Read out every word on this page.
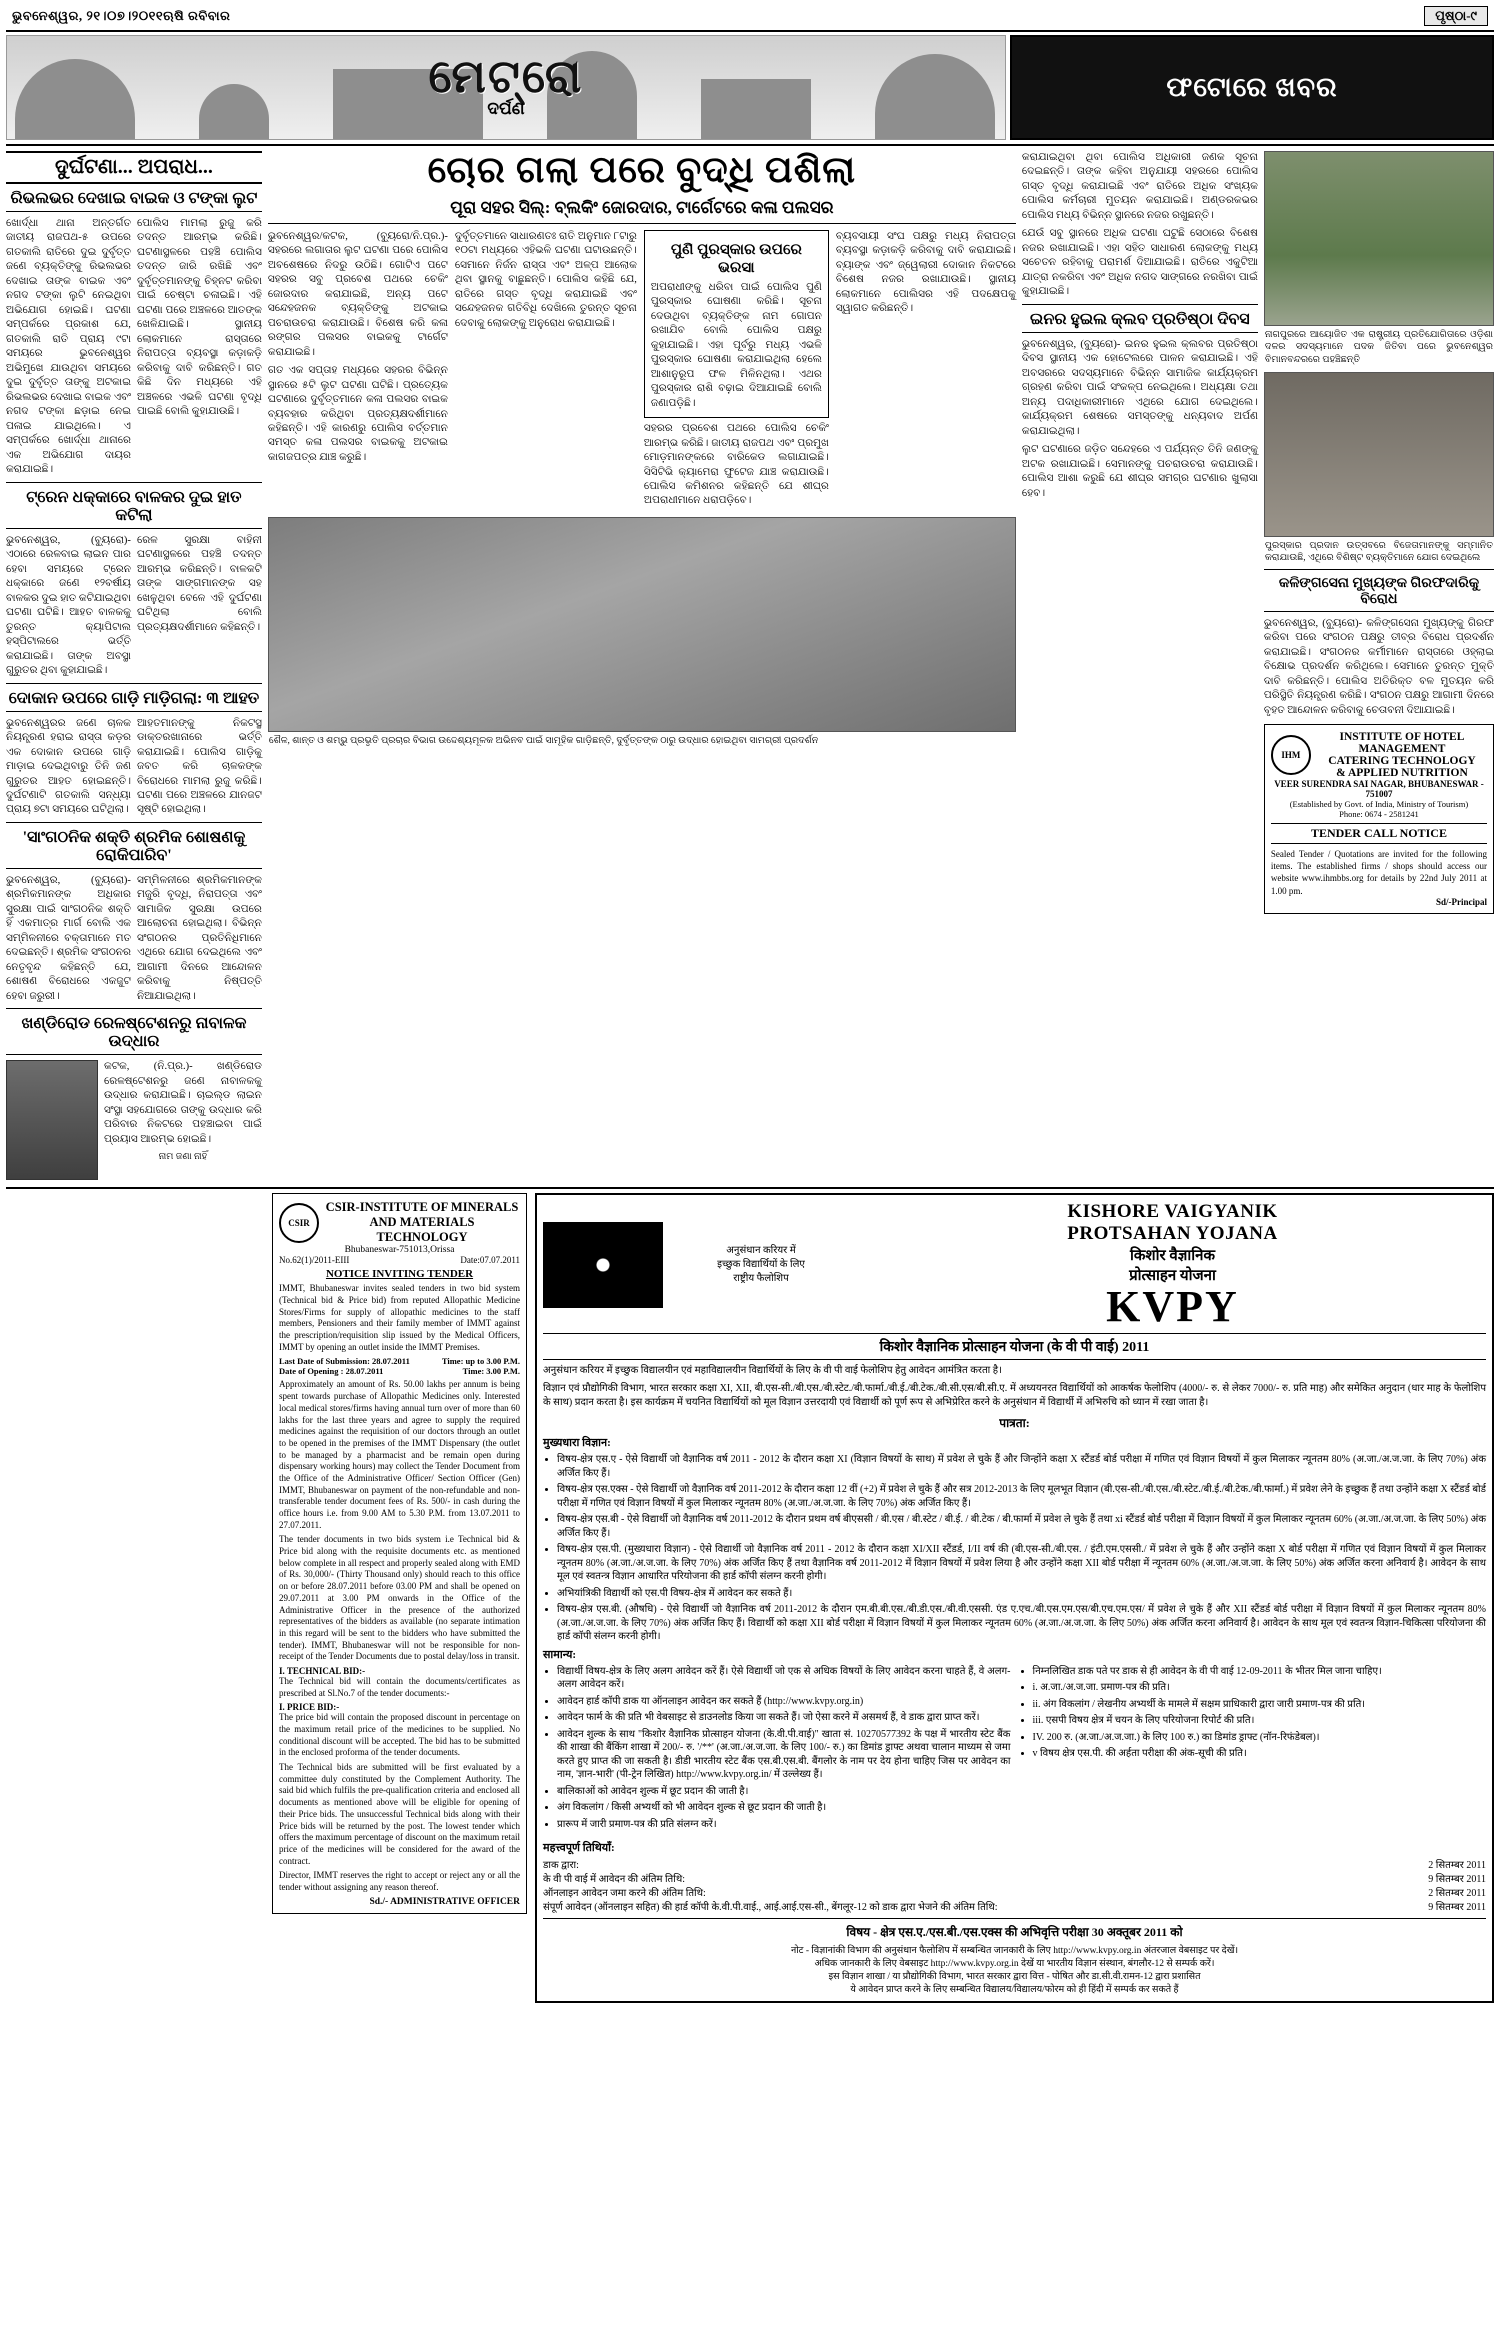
ଭୁବନେଶ୍ୱର, ୨୧।୦୭।୨୦୧୧ଋଷି ରବିବାର	ପୃଷ୍ଠା-୯
ମେଟ୍ରୋ
ଦର୍ପଣ
ଫଟୋରେ ଖବର
ଦୁର୍ଘଟଣା... ଅପରାଧ...
ରିଭଲଭର ଦେଖାଇ ବାଇକ ଓ ଟଙ୍କା ଲୁଟ
ଖୋର୍ଦ୍ଧା ଥାନା ଅନ୍ତର୍ଗତ ଜାତୀୟ ରାଜପଥ-୫ ଉପରେ ଗତକାଲି ରାତିରେ ଦୁଇ ଦୁର୍ବୃତ୍ତ ଜଣେ ବ୍ୟକ୍ତିଙ୍କୁ ରିଭଲଭର ଦେଖାଇ ତାଙ୍କ ବାଇକ ଏବଂ ନଗଦ ଟଙ୍କା ଲୁଟି ନେଇଥିବା ଅଭିଯୋଗ ହୋଇଛି। ଘଟଣା ସମ୍ପର୍କରେ ପ୍ରକାଶ ଯେ, ଗତକାଲି ରାତି ପ୍ରାୟ ୯ଟା ସମୟରେ ଭୁବନେଶ୍ୱର ଅଭିମୁଖେ ଯାଉଥିବା ସମୟରେ ଦୁଇ ଦୁର୍ବୃତ୍ତ ତାଙ୍କୁ ଅଟକାଇ ରିଭଲଭର ଦେଖାଇ ବାଇକ ଏବଂ ନଗଦ ଟଙ୍କା ଛଡ଼ାଇ ନେଇ ପଳାଇ ଯାଇଥିଲେ। ଏ ସମ୍ପର୍କରେ ଖୋର୍ଦ୍ଧା ଥାନାରେ ଏକ ଅଭିଯୋଗ ଦାୟର କରାଯାଇଛି।
ପୋଲିସ ମାମଲା ରୁଜୁ କରି ତଦନ୍ତ ଆରମ୍ଭ କରିଛି। ଘଟଣାସ୍ଥଳରେ ପହଞ୍ଚି ପୋଲିସ ତଦନ୍ତ ଜାରି ରଖିଛି ଏବଂ ଦୁର୍ବୃତ୍ତମାନଙ୍କୁ ଚିହ୍ନଟ କରିବା ପାଇଁ ଚେଷ୍ଟା ଚଳାଇଛି। ଏହି ଘଟଣା ପରେ ଅଞ୍ଚଳରେ ଆତଙ୍କ ଖେଳିଯାଇଛି। ସ୍ଥାନୀୟ ଲୋକମାନେ ରାସ୍ତାରେ ନିରାପତ୍ତା ବ୍ୟବସ୍ଥା କଡ଼ାକଡ଼ି କରିବାକୁ ଦାବି କରିଛନ୍ତି। ଗତ କିଛି ଦିନ ମଧ୍ୟରେ ଏହି ଅଞ୍ଚଳରେ ଏଭଳି ଘଟଣା ବୃଦ୍ଧି ପାଇଛି ବୋଲି କୁହାଯାଉଛି।
ଟ୍ରେନ ଧକ୍କାରେ ବାଳକର ଦୁଇ ହାତ କଟିଲା
ଭୁବନେଶ୍ୱର, (ବ୍ୟୁରୋ)- ଏଠାରେ ରେଳବାଇ ଲାଇନ ପାର ହେବା ସମୟରେ ଟ୍ରେନ ଧକ୍କାରେ ଜଣେ ୧୨ବର୍ଷୀୟ ବାଳକର ଦୁଇ ହାତ କଟିଯାଇଥିବା ଘଟଣା ଘଟିଛି। ଆହତ ବାଳକକୁ ତୁରନ୍ତ କ୍ୟାପିଟାଲ ହସ୍ପିଟାଲରେ ଭର୍ତ୍ତି କରାଯାଇଛି। ତାଙ୍କ ଅବସ୍ଥା ଗୁରୁତର ଥିବା କୁହାଯାଇଛି।
ରେଳ ସୁରକ୍ଷା ବାହିନୀ ଘଟଣାସ୍ଥଳରେ ପହଞ୍ଚି ତଦନ୍ତ ଆରମ୍ଭ କରିଛନ୍ତି। ବାଳକଟି ତାଙ୍କ ସାଙ୍ଗମାନଙ୍କ ସହ ଖେଳୁଥିବା ବେଳେ ଏହି ଦୁର୍ଘଟଣା ଘଟିଥିଲା ବୋଲି ପ୍ରତ୍ୟକ୍ଷଦର୍ଶୀମାନେ କହିଛନ୍ତି।
ଦୋକାନ ଉପରେ ଗାଡ଼ି ମାଡ଼ିଗଲା: ୩ ଆହତ
ଭୁବନେଶ୍ୱରର ଜଣେ ଚାଳକ ନିୟନ୍ତ୍ରଣ ହରାଇ ରାସ୍ତା କଡ଼ର ଏକ ଦୋକାନ ଉପରେ ଗାଡ଼ି ମାଡ଼ାଇ ଦେଇଥିବାରୁ ତିନି ଜଣ ଗୁରୁତର ଆହତ ହୋଇଛନ୍ତି। ଦୁର୍ଘଟଣାଟି ଗତକାଲି ସନ୍ଧ୍ୟା ପ୍ରାୟ ୭ଟା ସମୟରେ ଘଟିଥିଲା।
ଆହତମାନଙ୍କୁ ନିକଟସ୍ଥ ଡାକ୍ତରଖାନାରେ ଭର୍ତ୍ତି କରାଯାଇଛି। ପୋଲିସ ଗାଡ଼ିକୁ ଜବତ କରି ଚାଳକଙ୍କ ବିରୋଧରେ ମାମଲା ରୁଜୁ କରିଛି। ଘଟଣା ପରେ ଅଞ୍ଚଳରେ ଯାନଜଟ ସୃଷ୍ଟି ହୋଇଥିଲା।
'ସାଂଗଠନିକ ଶକ୍ତି ଶ୍ରମିକ ଶୋଷଣକୁ ରୋକିପାରିବ'
ଭୁବନେଶ୍ୱର, (ବ୍ୟୁରୋ)- ଶ୍ରମିକମାନଙ୍କ ଅଧିକାର ସୁରକ୍ଷା ପାଇଁ ସାଂଗଠନିକ ଶକ୍ତି ହିଁ ଏକମାତ୍ର ମାର୍ଗ ବୋଲି ଏକ ସମ୍ମିଳନୀରେ ବକ୍ତାମାନେ ମତ ଦେଇଛନ୍ତି। ଶ୍ରମିକ ସଂଗଠନର ନେତୃବୃନ୍ଦ କହିଛନ୍ତି ଯେ, ଶୋଷଣ ବିରୋଧରେ ଏକଜୁଟ ହେବା ଜରୁରୀ।
ସମ୍ମିଳନୀରେ ଶ୍ରମିକମାନଙ୍କ ମଜୁରି ବୃଦ୍ଧି, ନିରାପତ୍ତା ଏବଂ ସାମାଜିକ ସୁରକ୍ଷା ଉପରେ ଆଲୋଚନା ହୋଇଥିଲା। ବିଭିନ୍ନ ସଂଗଠନର ପ୍ରତିନିଧିମାନେ ଏଥିରେ ଯୋଗ ଦେଇଥିଲେ ଏବଂ ଆଗାମୀ ଦିନରେ ଆନ୍ଦୋଳନ କରିବାକୁ ନିଷ୍ପତ୍ତି ନିଆଯାଇଥିଲା।
ଖଣ୍ଡିରୋଡ ରେଳଷ୍ଟେଶନରୁ ନାବାଳକ ଉଦ୍ଧାର
କଟକ, (ନି.ପ୍ର.)- ଖଣ୍ଡିରୋଡ ରେଳଷ୍ଟେଶନରୁ ଜଣେ ନାବାଳକକୁ ଉଦ୍ଧାର କରାଯାଇଛି। ଚାଇଲ୍ଡ ଲାଇନ ସଂସ୍ଥା ସହଯୋଗରେ ତାଙ୍କୁ ଉଦ୍ଧାର କରି ପରିବାର ନିକଟରେ ପହଞ୍ଚାଇବା ପାଇଁ ପ୍ରୟାସ ଆରମ୍ଭ ହୋଇଛି।
ନାମ ଜଣା ନାହିଁ
ଚୋର ଗଲା ପରେ ବୁଦ୍ଧି ପଶିଲା
ପୂରା ସହର ସିଲ୍: ବ୍ଲକିଂ ଜୋରଦାର, ଟାର୍ଗେଟରେ କଳା ପଲସର
ଭୁବନେଶ୍ୱର/କଟକ, (ବ୍ୟୁରୋ/ନି.ପ୍ର.)- ସହରରେ ଲଗାତାର ଲୁଟ ଘଟଣା ପରେ ପୋଲିସ ଅବଶେଷରେ ନିଦରୁ ଉଠିଛି। ଗୋଟିଏ ପଟେ ସହରର ସବୁ ପ୍ରବେଶ ପଥରେ ଚେକିଂ ଜୋରଦାର କରାଯାଇଛି, ଅନ୍ୟ ପଟେ ସନ୍ଦେହଜନକ ବ୍ୟକ୍ତିଙ୍କୁ ଅଟକାଇ ପଚରାଉଚରା କରାଯାଉଛି। ବିଶେଷ କରି କଳା ରଙ୍ଗର ପଲସର ବାଇକକୁ ଟାର୍ଗେଟ କରାଯାଇଛି।
ଗତ ଏକ ସପ୍ତାହ ମଧ୍ୟରେ ସହରର ବିଭିନ୍ନ ସ୍ଥାନରେ ୫ଟି ଲୁଟ ଘଟଣା ଘଟିଛି। ପ୍ରତ୍ୟେକ ଘଟଣାରେ ଦୁର୍ବୃତ୍ତମାନେ କଳା ପଲସର ବାଇକ ବ୍ୟବହାର କରିଥିବା ପ୍ରତ୍ୟକ୍ଷଦର୍ଶୀମାନେ କହିଛନ୍ତି। ଏହି କାରଣରୁ ପୋଲିସ ବର୍ତ୍ତମାନ ସମସ୍ତ କଳା ପଲସର ବାଇକକୁ ଅଟକାଇ କାଗଜପତ୍ର ଯାଞ୍ଚ କରୁଛି।
ଦୁର୍ବୃତ୍ତମାନେ ସାଧାରଣତଃ ରାତି ଅନୁମାନ ୮ଟାରୁ ୧୦ଟା ମଧ୍ୟରେ ଏହିଭଳି ଘଟଣା ଘଟାଉଛନ୍ତି। ସେମାନେ ନିର୍ଜନ ରାସ୍ତା ଏବଂ ଅଳ୍ପ ଆଲୋକ ଥିବା ସ୍ଥାନକୁ ବାଛୁଛନ୍ତି। ପୋଲିସ କହିଛି ଯେ, ରାତିରେ ଗସ୍ତ ବୃଦ୍ଧି କରାଯାଇଛି ଏବଂ ସନ୍ଦେହଜନକ ଗତିବିଧି ଦେଖିଲେ ତୁରନ୍ତ ସୂଚନା ଦେବାକୁ ଲୋକଙ୍କୁ ଅନୁରୋଧ କରାଯାଇଛି।
ପୁଣି ପୁରସ୍କାର ଉପରେ ଭରସା
ଅପରାଧୀଙ୍କୁ ଧରିବା ପାଇଁ ପୋଲିସ ପୁଣି ପୁରସ୍କାର ଘୋଷଣା କରିଛି। ସୂଚନା ଦେଉଥିବା ବ୍ୟକ୍ତିଙ୍କ ନାମ ଗୋପନ ରଖାଯିବ ବୋଲି ପୋଲିସ ପକ୍ଷରୁ କୁହାଯାଇଛି। ଏହା ପୂର୍ବରୁ ମଧ୍ୟ ଏଭଳି ପୁରସ୍କାର ଘୋଷଣା କରାଯାଇଥିଲା ହେଲେ ଆଶାନୁରୂପ ଫଳ ମିଳିନଥିଲା। ଏଥର ପୁରସ୍କାର ରାଶି ବଢ଼ାଇ ଦିଆଯାଇଛି ବୋଲି ଜଣାପଡ଼ିଛି।
ସହରର ପ୍ରବେଶ ପଥରେ ପୋଲିସ ଚେକିଂ ଆରମ୍ଭ କରିଛି। ଜାତୀୟ ରାଜପଥ ଏବଂ ପ୍ରମୁଖ ମୋଡ଼ମାନଙ୍କରେ ବାରିକେଡ ଲଗାଯାଇଛି। ସିସିଟିଭି କ୍ୟାମେରା ଫୁଟେଜ ଯାଞ୍ଚ କରାଯାଉଛି। ପୋଲିସ କମିଶନର କହିଛନ୍ତି ଯେ ଶୀଘ୍ର ଅପରାଧୀମାନେ ଧରାପଡ଼ିବେ।
ବ୍ୟବସାୟୀ ସଂଘ ପକ୍ଷରୁ ମଧ୍ୟ ନିରାପତ୍ତା ବ୍ୟବସ୍ଥା କଡ଼ାକଡ଼ି କରିବାକୁ ଦାବି କରାଯାଇଛି। ବ୍ୟାଙ୍କ ଏବଂ ଜ୍ୱେଲାରୀ ଦୋକାନ ନିକଟରେ ବିଶେଷ ନଜର ରଖାଯାଉଛି। ସ୍ଥାନୀୟ ଲୋକମାନେ ପୋଲିସର ଏହି ପଦକ୍ଷେପକୁ ସ୍ୱାଗତ କରିଛନ୍ତି।
ଶୈଳ, ଶାନ୍ତ ଓ ଶମ୍ଭୁ ପ୍ରଭୃତି ପ୍ରଚାର ବିଭାଗ ଉଦ୍ଦେଶ୍ୟମୂଳକ ଅଭିନବ ପାଇଁ ସାମୂହିକ ଗାଡ଼ିଛନ୍ତି, ଦୁର୍ବୃତ୍ତଙ୍କ ଠାରୁ ଉଦ୍ଧାର ହୋଇଥିବା ସାମଗ୍ରୀ ପ୍ରଦର୍ଶନ
କରାଯାଇଥିବା ଥିବା ପୋଲିସ ଅଧିକାରୀ ଜଣକ ସୂଚନା ଦେଇଛନ୍ତି। ତାଙ୍କ କହିବା ଅନୁଯାୟୀ ସହରରେ ପୋଲିସ ଗସ୍ତ ବୃଦ୍ଧି କରାଯାଇଛି ଏବଂ ରାତିରେ ଅଧିକ ସଂଖ୍ୟକ ପୋଲିସ କର୍ମଚାରୀ ମୁତୟନ କରାଯାଇଛି। ଅଣ୍ଡରକଭର ପୋଲିସ ମଧ୍ୟ ବିଭିନ୍ନ ସ୍ଥାନରେ ନଜର ରଖୁଛନ୍ତି।
ଯେଉଁ ସବୁ ସ୍ଥାନରେ ଅଧିକ ଘଟଣା ଘଟୁଛି ସେଠାରେ ବିଶେଷ ନଜର ରଖାଯାଇଛି। ଏହା ସହିତ ସାଧାରଣ ଲୋକଙ୍କୁ ମଧ୍ୟ ସଚେତନ ରହିବାକୁ ପରାମର୍ଶ ଦିଆଯାଇଛି। ରାତିରେ ଏକୁଟିଆ ଯାତ୍ରା ନକରିବା ଏବଂ ଅଧିକ ନଗଦ ସାଙ୍ଗରେ ନରଖିବା ପାଇଁ କୁହାଯାଇଛି।
ଇନର ହୁଇଲ କ୍ଲବ ପ୍ରତିଷ୍ଠା ଦିବସ
ଭୁବନେଶ୍ୱର, (ବ୍ୟୁରୋ)- ଇନର ହୁଇଲ କ୍ଲବର ପ୍ରତିଷ୍ଠା ଦିବସ ସ୍ଥାନୀୟ ଏକ ହୋଟେଲରେ ପାଳନ କରାଯାଇଛି। ଏହି ଅବସରରେ ସଦସ୍ୟମାନେ ବିଭିନ୍ନ ସାମାଜିକ କାର୍ଯ୍ୟକ୍ରମ ଗ୍ରହଣ କରିବା ପାଇଁ ସଂକଳ୍ପ ନେଇଥିଲେ। ଅଧ୍ୟକ୍ଷା ତଥା ଅନ୍ୟ ପଦାଧିକାରୀମାନେ ଏଥିରେ ଯୋଗ ଦେଇଥିଲେ। କାର୍ଯ୍ୟକ୍ରମ ଶେଷରେ ସମସ୍ତଙ୍କୁ ଧନ୍ୟବାଦ ଅର୍ପଣ କରାଯାଇଥିଲା।
ଲୁଟ ଘଟଣାରେ ଜଡ଼ିତ ସନ୍ଦେହରେ ଏ ପର୍ଯ୍ୟନ୍ତ ତିନି ଜଣଙ୍କୁ ଅଟକ ରଖାଯାଇଛି। ସେମାନଙ୍କୁ ପଚରାଉଚରା କରାଯାଉଛି। ପୋଲିସ ଆଶା କରୁଛି ଯେ ଶୀଘ୍ର ସମଗ୍ର ଘଟଣାର ଖୁଲାସା ହେବ।
ନାଗପୁରରେ ଆୟୋଜିତ ଏକ ରାଷ୍ଟ୍ରୀୟ ପ୍ରତିଯୋଗିତାରେ ଓଡ଼ିଶା ଦଳର ସଦସ୍ୟମାନେ ପଦକ ଜିତିବା ପରେ ଭୁବନେଶ୍ୱର ବିମାନବନ୍ଦରରେ ପହଞ୍ଚିଛନ୍ତି
ପୁରସ୍କାର ପ୍ରଦାନ ଉତ୍ସବରେ ବିଜେତାମାନଙ୍କୁ ସମ୍ମାନିତ କରାଯାଉଛି, ଏଥିରେ ବିଶିଷ୍ଟ ବ୍ୟକ୍ତିମାନେ ଯୋଗ ଦେଇଥିଲେ
କଳିଙ୍ଗସେନା ମୁଖ୍ୟଙ୍କ ଗିରଫଦାରିକୁ ବିରୋଧ
ଭୁବନେଶ୍ୱର, (ବ୍ୟୁରୋ)- କଳିଙ୍ଗସେନା ମୁଖ୍ୟଙ୍କୁ ଗିରଫ କରିବା ପରେ ସଂଗଠନ ପକ୍ଷରୁ ତୀବ୍ର ବିରୋଧ ପ୍ରଦର୍ଶନ କରାଯାଇଛି। ସଂଗଠନର କର୍ମୀମାନେ ରାସ୍ତାରେ ଓହ୍ଲାଇ ବିକ୍ଷୋଭ ପ୍ରଦର୍ଶନ କରିଥିଲେ। ସେମାନେ ତୁରନ୍ତ ମୁକ୍ତି ଦାବି କରିଛନ୍ତି। ପୋଲିସ ଅତିରିକ୍ତ ବଳ ମୁତୟନ କରି ପରିସ୍ଥିତି ନିୟନ୍ତ୍ରଣ କରିଛି। ସଂଗଠନ ପକ୍ଷରୁ ଆଗାମୀ ଦିନରେ ବୃହତ ଆନ୍ଦୋଳନ କରିବାକୁ ଚେତାବନୀ ଦିଆଯାଇଛି।
IHM
INSTITUTE OF HOTEL MANAGEMENT
CATERING TECHNOLOGY
& APPLIED NUTRITION
VEER SURENDRA SAI NAGAR, BHUBANESWAR - 751007
(Established by Govt. of India, Ministry of Tourism)
Phone: 0674 - 2581241
TENDER CALL NOTICE
Sealed Tender / Quotations are invited for the following items. The established firms / shops should access our website www.ihmbbs.org for details by 22nd July 2011 at 1.00 pm.
Sd/-Principal
CSIR
CSIR-INSTITUTE OF MINERALS
AND MATERIALS TECHNOLOGY
Bhubaneswar-751013,Orissa
No.62(1)/2011-EIII	Date:07.07.2011
NOTICE INVITING TENDER
IMMT, Bhubaneswar invites sealed tenders in two bid system (Technical bid & Price bid) from reputed Allopathic Medicine Stores/Firms for supply of allopathic medicines to the staff members, Pensioners and their family member of IMMT against the prescription/requisition slip issued by the Medical Officers, IMMT by opening an outlet inside the IMMT Premises.
Last Date of Submission: 28.07.2011	Time: up to 3.00 P.M.
Date of Opening : 28.07.2011	Time: 3.00 P.M.
Approximately an amount of Rs. 50.00 lakhs per annum is being spent towards purchase of Allopathic Medicines only. Interested local medical stores/firms having annual turn over of more than 60 lakhs for the last three years and agree to supply the required medicines against the requisition of our doctors through an outlet to be opened in the premises of the IMMT Dispensary (the outlet to be managed by a pharmacist and be remain open during dispensary working hours) may collect the Tender Document from the Office of the Administrative Officer/ Section Officer (Gen) IMMT, Bhubaneswar on payment of the non-refundable and non-transferable tender document fees of Rs. 500/- in cash during the office hours i.e. from 9.00 AM to 5.30 P.M. from 13.07.2011 to 27.07.2011.
The tender documents in two bids system i.e Technical bid & Price bid along with the requisite documents etc. as mentioned below complete in all respect and properly sealed along with EMD of Rs. 30,000/- (Thirty Thousand only) should reach to this office on or before 28.07.2011 before 03.00 PM and shall be opened on 29.07.2011 at 3.00 PM onwards in the Office of the Administrative Officer in the presence of the authorized representatives of the bidders as available (no separate intimation in this regard will be sent to the bidders who have submitted the tender). IMMT, Bhubaneswar will not be responsible for non-receipt of the Tender Documents due to postal delay/loss in transit.
I. TECHNICAL BID:-
The Technical bid will contain the documents/certificates as prescribed at Sl.No.7 of the tender documents:-
I. PRICE BID:-
The price bid will contain the proposed discount in percentage on the maximum retail price of the medicines to be supplied. No conditional discount will be accepted. The bid has to be submitted in the enclosed proforma of the tender documents.
The Technical bids are submitted will be first evaluated by a committee duly constituted by the Complement Authority. The said bid which fulfils the pre-qualification criteria and enclosed all documents as mentioned above will be eligible for opening of their Price bids. The unsuccessful Technical bids along with their Price bids will be returned by the post. The lowest tender which offers the maximum percentage of discount on the maximum retail price of the medicines will be considered for the award of the contract.
Director, IMMT reserves the right to accept or reject any or all the tender without assigning any reason thereof.
Sd./- ADMINISTRATIVE OFFICER
अनुसंधान करियर में
इच्छुक विद्यार्थियों के लिए
राष्ट्रीय फैलोशिप
KISHORE VAIGYANIK
PROTSAHAN YOJANA
किशोर वैज्ञानिक
प्रोत्साहन योजना
KVPY
किशोर वैज्ञानिक प्रोत्साहन योजना (के वी पी वाई) 2011
अनुसंधान करियर में इच्छुक विद्यालयीन एवं महाविद्यालयीन विद्यार्थियों के लिए के वी पी वाई फेलोशिप हेतु आवेदन आमंत्रित करता है।
विज्ञान एवं प्रौद्योगिकी विभाग, भारत सरकार कक्षा XI, XII, बी.एस-सी./बी.एस./बी.स्टेट./बी.फार्मा./बी.ई./बी.टेक./बी.सी.एस/बी.सी.ए. में अध्ययनरत विद्यार्थियों को आकर्षक फेलोशिप (4000/- रु. से लेकर 7000/- रु. प्रति माह) और समेकित अनुदान (धार माह के फेलोशिप के साथ) प्रदान करता है। इस कार्यक्रम में चयनित विद्यार्थियों को मूल विज्ञान उत्तरदायी एवं विद्यार्थी को पूर्ण रूप से अभिप्रेरित करने के अनुसंधान में विद्यार्थी में अभिरुचि को ध्यान में रखा जाता है।
पात्रता:
मुख्यधारा विज्ञान:
• विषय-क्षेत्र एस.ए - ऐसे विद्यार्थी जो वैज्ञानिक वर्ष 2011 - 2012 के दौरान कक्षा XI (विज्ञान विषयों के साथ) में प्रवेश ले चुके हैं और जिन्होंने कक्षा X स्टैंडर्ड बोर्ड परीक्षा में गणित एवं विज्ञान विषयों में कुल मिलाकर न्यूनतम 80% (अ.जा./अ.ज.जा. के लिए 70%) अंक अर्जित किए हैं।
• विषय-क्षेत्र एस.एक्स - ऐसे विद्यार्थी जो वैज्ञानिक वर्ष 2011-2012 के दौरान कक्षा 12 वीं (+2) में प्रवेश ले चुके हैं और सत्र 2012-2013 के लिए मूलभूत विज्ञान (बी.एस-सी./बी.एस./बी.स्टेट./बी.ई./बी.टेक./बी.फार्मा.) में प्रवेश लेने के इच्छुक हैं तथा उन्होंने कक्षा X स्टैंडर्ड बोर्ड परीक्षा में गणित एवं विज्ञान विषयों में कुल मिलाकर न्यूनतम 80% (अ.जा./अ.ज.जा. के लिए 70%) अंक अर्जित किए हैं।
• विषय-क्षेत्र एस.बी - ऐसे विद्यार्थी जो वैज्ञानिक वर्ष 2011-2012 के दौरान प्रथम वर्ष बीएससी / बी.एस / बी.स्टेट / बी.ई. / बी.टेक / बी.फार्मा में प्रवेश ले चुके हैं तथा xi स्टैंडर्ड बोर्ड परीक्षा में विज्ञान विषयों में कुल मिलाकर न्यूनतम 60% (अ.जा./अ.ज.जा. के लिए 50%) अंक अर्जित किए हैं।
• विषय-क्षेत्र एस.पी. (मुख्यधारा विज्ञान) - ऐसे विद्यार्थी जो वैज्ञानिक वर्ष 2011 - 2012 के दौरान कक्षा XI/XII स्टैंडर्ड, I/II वर्ष की (बी.एस-सी./बी.एस. / इंटी.एम.एससी./ में प्रवेश ले चुके हैं और उन्होंने कक्षा X बोर्ड परीक्षा में गणित एवं विज्ञान विषयों में कुल मिलाकर न्यूनतम 80% (अ.जा./अ.ज.जा. के लिए 70%) अंक अर्जित किए हैं तथा वैज्ञानिक वर्ष 2011-2012 में विज्ञान विषयों में प्रवेश लिया है और उन्होंने कक्षा XII बोर्ड परीक्षा में न्यूनतम 60% (अ.जा./अ.ज.जा. के लिए 50%) अंक अर्जित करना अनिवार्य है। आवेदन के साथ मूल एवं स्वतन्त्र विज्ञान आधारित परियोजना की हार्ड कॉपी संलग्न करनी होगी।
• अभियांत्रिकी विद्यार्थी को एस.पी विषय-क्षेत्र में आवेदन कर सकते हैं।
• विषय-क्षेत्र एस.बी. (औषधि) - ऐसे विद्यार्थी जो वैज्ञानिक वर्ष 2011-2012 के दौरान एम.बी.बी.एस./बी.डी.एस./बी.वी.एससी. एंड ए.एच./बी.एस.एम.एस/बी.एच.एम.एस/ में प्रवेश ले चुके हैं और XII स्टैंडर्ड बोर्ड परीक्षा में विज्ञान विषयों में कुल मिलाकर न्यूनतम 80% (अ.जा./अ.ज.जा. के लिए 70%) अंक अर्जित किए हैं। विद्यार्थी को कक्षा XII बोर्ड परीक्षा में विज्ञान विषयों में कुल मिलाकर न्यूनतम 60% (अ.जा./अ.ज.जा. के लिए 50%) अंक अर्जित करना अनिवार्य है। आवेदन के साथ मूल एवं स्वतन्त्र विज्ञान-चिकित्सा परियोजना की हार्ड कॉपी संलग्न करनी होगी।
सामान्य:
• विद्यार्थी विषय-क्षेत्र के लिए अलग आवेदन करें हैं। ऐसे विद्यार्थी जो एक से अधिक विषयों के लिए आवेदन करना चाहते हैं, वे अलग-अलग आवेदन करें।
• आवेदन हार्ड कॉपी डाक या ऑनलाइन आवेदन कर सकते हैं (http://www.kvpy.org.in)
• आवेदन फार्म के की प्रति भी वेबसाइट से डाउनलोड किया जा सकते हैं। जो ऐसा करने में असमर्थ हैं, वे डाक द्वारा प्राप्त करें।
• आवेदन शुल्क के साथ "किशोर वैज्ञानिक प्रोत्साहन योजना (के.वी.पी.वाई)" खाता सं. 10270577392 के पक्ष में भारतीय स्टेट बैंक की शाखा की बैंकिंग शाखा में 200/- रु. '/**' (अ.जा./अ.ज.जा. के लिए 100/- रु.) का डिमांड ड्राफ्ट अथवा चालान माध्यम से जमा करते हुए प्राप्त की जा सकती है। डीडी भारतीय स्टेट बैंक एस.बी.एस.बी. बैंगलोर के नाम पर देय होना चाहिए जिस पर आवेदन का नाम, 'ज्ञान-भारी' (पी-ट्रेन लिखित) http://www.kvpy.org.in/ में उल्लेख्य हैं।
• बालिकाओं को आवेदन शुल्क में छूट प्रदान की जाती है।
• अंग विकलांग / किसी अभ्यर्थी को भी आवेदन शुल्क से छूट प्रदान की जाती है।
• प्रारूप में जारी प्रमाण-पत्र की प्रति संलग्न करें।
• निम्नलिखित डाक पते पर डाक से ही आवेदन के वी पी वाई 12-09-2011 के भीतर मिल जाना चाहिए।
• i. अ.जा./अ.ज.जा. प्रमाण-पत्र की प्रति।
• ii. अंग विकलांग / लेखनीय अभ्यर्थी के मामले में सक्षम प्राधिकारी द्वारा जारी प्रमाण-पत्र की प्रति।
• iii. एसपी विषय क्षेत्र में चयन के लिए परियोजना रिपोर्ट की प्रति।
• IV. 200 रु. (अ.जा./अ.ज.जा.) के लिए 100 रु.) का डिमांड ड्राफ्ट (नॉन-रिफंडेबल)।
• v विषय क्षेत्र एस.पी. की अर्हता परीक्षा की अंक-सूची की प्रति।
महत्त्वपूर्ण तिथियाँ:
डाक द्वारा:	2 सितम्बर 2011
के वी पी वाई में आवेदन की अंतिम तिथि:	9 सितम्बर 2011
ऑनलाइन आवेदन जमा करने की अंतिम तिथि:	2 सितम्बर 2011
संपूर्ण आवेदन (ऑनलाइन सहित) की हार्ड कॉपी के.वी.पी.वाई., आई.आई.एस-सी., बेंगलूर-12 को डाक द्वारा भेजने की अंतिम तिथि:	9 सितम्बर 2011
विषय - क्षेत्र एस.ए./एस.बी./एस.एक्स की अभिवृत्ति परीक्षा 30 अक्तूबर 2011 को
नोट - विज्ञानांकी विभाग की अनुसंधान फैलोशिप में सम्बन्धित जानकारी के लिए http://www.kvpy.org.in अंतरजाल वेबसाइट पर देखें।
अधिक जानकारी के लिए वेबसाइट http://www.kvpy.org.in देखें या भारतीय विज्ञान संस्थान, बंगलौर-12 से सम्पर्क करें।
इस विज्ञान शाखा / या प्रौद्योगिकी विभाग, भारत सरकार द्वारा वित्त - पोषित और डा.सी.वी.रामन-12 द्वारा प्रशासित
ये आवेदन प्राप्त करने के लिए सम्बन्धित विद्यालय/विद्यालय/फोरम को ही हिंदी में सम्पर्क कर सकते हैं
